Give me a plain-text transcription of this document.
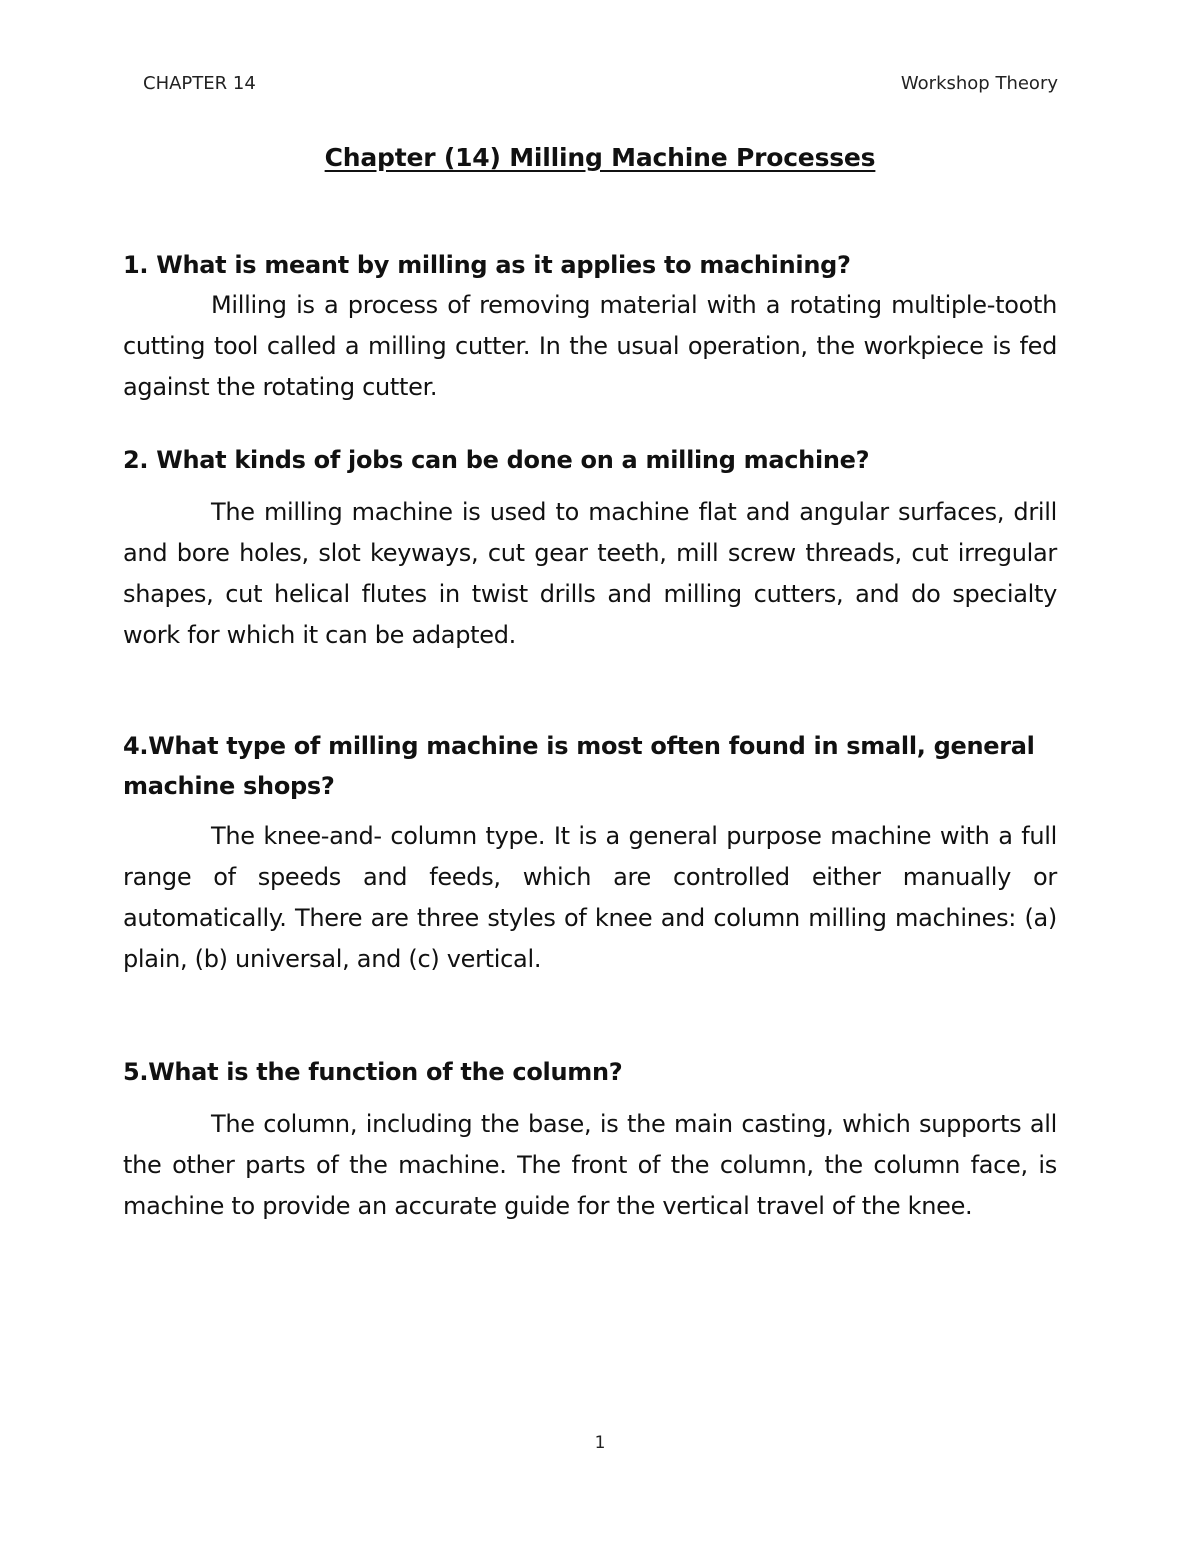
CHAPTER 14	Workshop Theory
Chapter (14) Milling Machine Processes

1. What is meant by milling as it applies to machining?

Milling is a process of removing material with a rotating multiple-tooth cutting tool called a milling cutter. In the usual operation, the workpiece is fed against the rotating cutter.

2. What kinds of jobs can be done on a milling machine?

The milling machine is used to machine flat and angular surfaces, drill and bore holes, slot keyways, cut gear teeth, mill screw threads, cut irregular shapes, cut helical flutes in twist drills and milling cutters, and do specialty work for which it can be adapted.

4.What type of milling machine is most often found in small, general machine shops?

The knee-and- column type. It is a general purpose machine with a full range of speeds and feeds, which are controlled either manually or automatically. There are three styles of knee and column milling machines: (a) plain, (b) universal, and (c) vertical.

5.What is the function of the column?

The column, including the base, is the main casting, which supports all the other parts of the machine. The front of the column, the column face, is machine to provide an accurate guide for the vertical travel of the knee.

1
